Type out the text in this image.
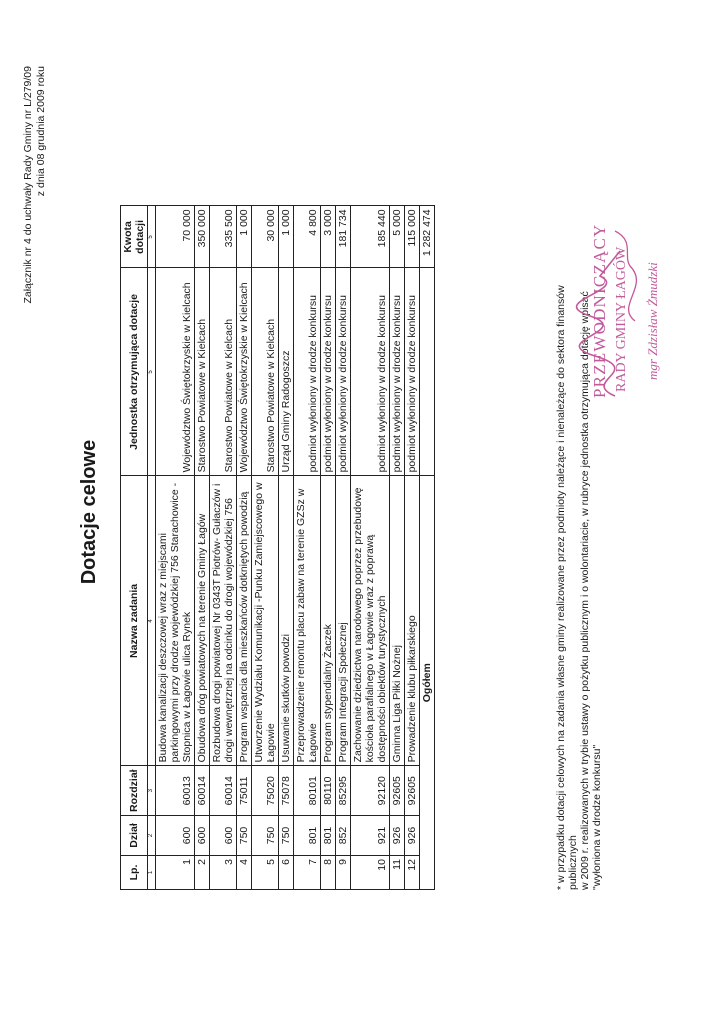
Załącznik nr 4 do uchwały Rady Gminy nr L/279/09 z dnia 08 grudnia 2009 roku
Dotacje celowe
Lp.	Dział	Rozdział	Nazwa zadania	Jednostka otrzymująca dotacje	Kwota dotacji
1	2	3	4	5	5
1	600	60013	Budowa kanalizacji deszczowej wraz z miejscami parkingowymi przy drodze wojewódzkiej 756 Starachowice -Stopnica w Łagowie ulica Rynek	Województwo Świętokrzyskie w Kielcach	70 000
2	600	60014	Obudowa dróg powiatowych na terenie Gminy Łagów	Starostwo Powiatowe w Kielcach	350 000
3	600	60014	Rozbudowa drogi powiatowej Nr 0343T Piotrów- Gułaczów i drogi wewnętrznej na odcinku do drogi wojewódzkiej 756	Starostwo Powiatowe w Kielcach	335 500
4	750	75011	Program wsparcia dla mieszkańców dotkniętych powodzią	Województwo Świętokrzyskie w Kielcach	1 000
5	750	75020	Utworzenie Wydziału Komunikacji -Punku Zamiejscowego w Łagowie	Starostwo Powiatowe w Kielcach	30 000
6	750	75078	Usuwanie skutków powodzi	Urząd Gminy Radogoszcz	1 000
7	801	80101	Przeprowadzenie remontu placu zabaw na terenie GZSz w Łagowie	podmiot wyłoniony w drodze konkursu	4 800
8	801	80110	Program stypendialny Żaczek	podmiot wyłoniony w drodze konkursu	3 000
9	852	85295	Program Integracji Społecznej	podmiot wyłoniony w drodze konkursu	181 734
10	921	92120	Zachowanie dziedzictwa narodowego poprzez przebudowę kościoła parafialnego w Łagowie wraz z poprawą dostępności obiektów turystycznych	podmiot wyłoniony w drodze konkursu	185 440
11	926	92605	Gminna Liga Piłki Nożnej	podmiot wyłoniony w drodze konkursu	5 000
12	926	92605	Prowadzenie klubu piłkarskiego	podmiot wyłoniony w drodze konkursu	115 000
Ogółem					1 282 474
* w przypadku dotacji celowych na zadania własne gminy realizowane przez podmioty należące i nienależące do sektora finansów publicznych w 2009 r. realizowanych w trybie ustawy o pożytku publicznym i o wolontariacie, w rubryce jednostka otrzymująca dotację wpisać "wyłoniona w drodze konkursu"
PRZEWODNICZĄCY RADY GMINY ŁAGÓW mgr Zdzisław Żmudzki
